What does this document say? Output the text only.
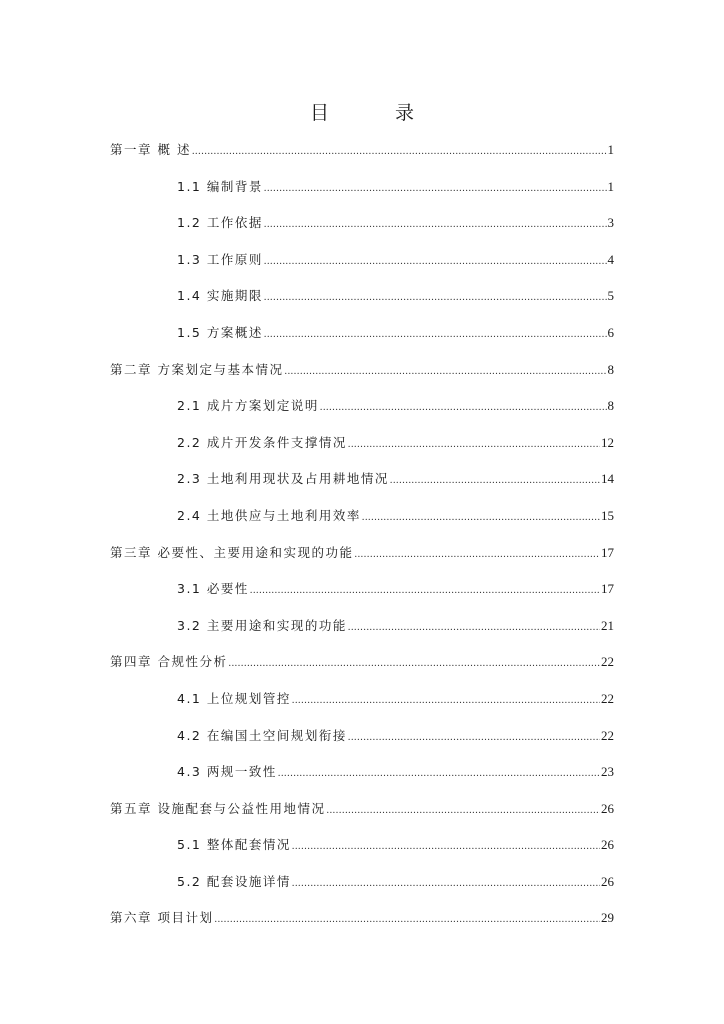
目 录
第一章 概 述 .....	1
1.1 编制背景 .....	1
1.2 工作依据 .....	3
1.3 工作原则 .....	4
1.4 实施期限 .....	5
1.5 方案概述 .....	6
第二章 方案划定与基本情况 .....	8
2.1 成片方案划定说明 .....	8
2.2 成片开发条件支撑情况 .....	12
2.3 土地利用现状及占用耕地情况 .....	14
2.4 土地供应与土地利用效率 .....	15
第三章 必要性、主要用途和实现的功能 .....	17
3.1 必要性 .....	17
3.2 主要用途和实现的功能 .....	21
第四章 合规性分析 .....	22
4.1 上位规划管控 .....	22
4.2 在编国土空间规划衔接 .....	22
4.3 两规一致性 .....	23
第五章 设施配套与公益性用地情况 .....	26
5.1 整体配套情况 .....	26
5.2 配套设施详情 .....	26
第六章 项目计划 .....	29
